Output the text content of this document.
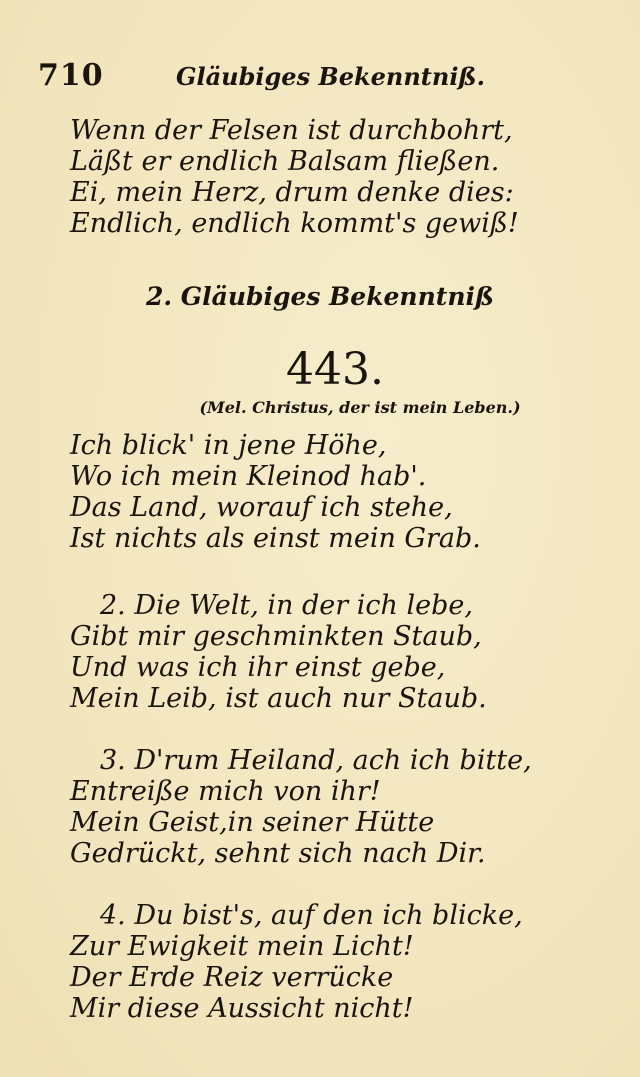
710	Gläubiges Bekenntniß.
Wenn der Felsen ist durchbohrt,
Läßt er endlich Balsam fließen.
Ei, mein Herz, drum denke dies:
Endlich, endlich kommt's gewiß!
2. Gläubiges Bekenntniß
443.
(Mel. Christus, der ist mein Leben.)
Ich blick' in jene Höhe,
Wo ich mein Kleinod hab'.
Das Land, worauf ich stehe,
Ist nichts als einst mein Grab.
2. Die Welt, in der ich lebe,
Gibt mir geschminkten Staub,
Und was ich ihr einst gebe,
Mein Leib, ist auch nur Staub.
3. D'rum Heiland, ach ich bitte,
Entreiße mich von ihr!
Mein Geist,in seiner Hütte
Gedrückt, sehnt sich nach Dir.
4. Du bist's, auf den ich blicke,
Zur Ewigkeit mein Licht!
Der Erde Reiz verrücke
Mir diese Aussicht nicht!
